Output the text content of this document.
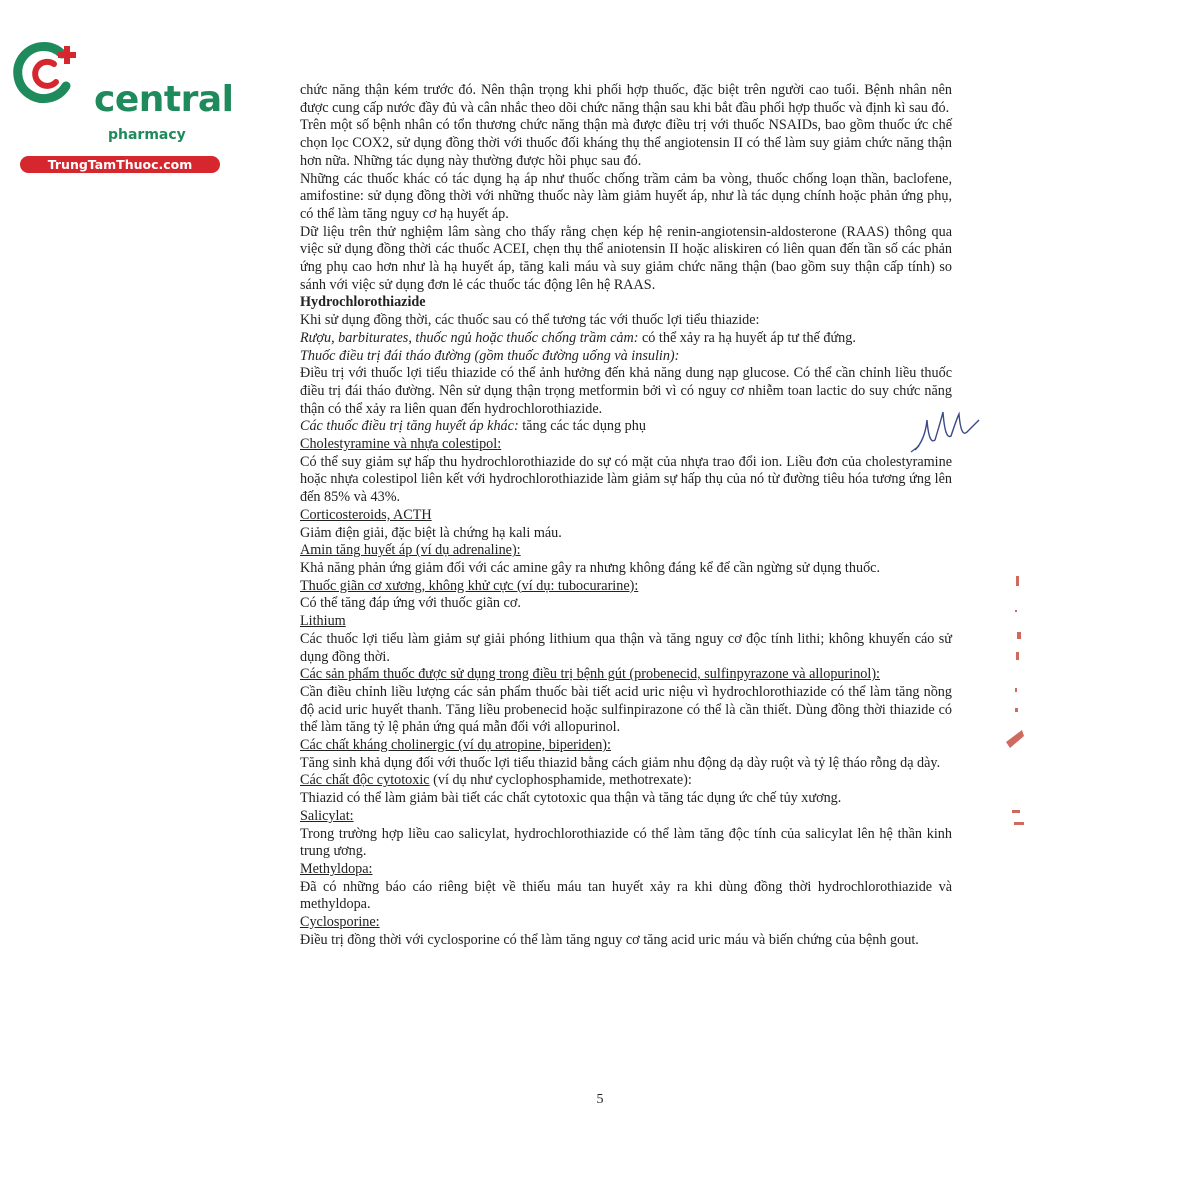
central
pharmacy
TrungTamThuoc.com

chức năng thận kém trước đó. Nên thận trọng khi phối hợp thuốc, đặc biệt trên người cao tuổi. Bệnh nhân nên được cung cấp nước đầy đủ và cân nhắc theo dõi chức năng thận sau khi bắt đầu phối hợp thuốc và định kì sau đó.

Trên một số bệnh nhân có tổn thương chức năng thận mà được điều trị với thuốc NSAIDs, bao gồm thuốc ức chế chọn lọc COX2, sử dụng đồng thời với thuốc đối kháng thụ thể angiotensin II có thể làm suy giảm chức năng thận hơn nữa. Những tác dụng này thường được hồi phục sau đó.

Những các thuốc khác có tác dụng hạ áp như thuốc chống trầm cảm ba vòng, thuốc chống loạn thần, baclofene, amifostine: sử dụng đồng thời với những thuốc này làm giảm huyết áp, như là tác dụng chính hoặc phản ứng phụ, có thể làm tăng nguy cơ hạ huyết áp.

Dữ liệu trên thử nghiệm lâm sàng cho thấy rằng chẹn kép hệ renin-angiotensin-aldosterone (RAAS) thông qua việc sử dụng đồng thời các thuốc ACEI, chẹn thụ thể aniotensin II hoặc aliskiren có liên quan đến tần số các phản ứng phụ cao hơn như là hạ huyết áp, tăng kali máu và suy giảm chức năng thận (bao gồm suy thận cấp tính) so sánh với việc sử dụng đơn lẻ các thuốc tác động lên hệ RAAS.

Hydrochlorothiazide

Khi sử dụng đồng thời, các thuốc sau có thể tương tác với thuốc lợi tiểu thiazide:

Rượu, barbiturates, thuốc ngủ hoặc thuốc chống trầm cảm: có thể xảy ra hạ huyết áp tư thế đứng.

Thuốc điều trị đái tháo đường (gồm thuốc đường uống và insulin):

Điều trị với thuốc lợi tiểu thiazide có thể ảnh hưởng đến khả năng dung nạp glucose. Có thể cần chỉnh liều thuốc điều trị đái tháo đường. Nên sử dụng thận trọng metformin bởi vì có nguy cơ nhiễm toan lactic do suy chức năng thận có thể xảy ra liên quan đến hydrochlorothiazide.

Các thuốc điều trị tăng huyết áp khác: tăng các tác dụng phụ

Cholestyramine và nhựa colestipol:

Có thể suy giảm sự hấp thu hydrochlorothiazide do sự có mặt của nhựa trao đổi ion. Liều đơn của cholestyramine hoặc nhựa colestipol liên kết với hydrochlorothiazide làm giảm sự hấp thụ của nó từ đường tiêu hóa tương ứng lên đến 85% và 43%.

Corticosteroids, ACTH

Giảm điện giải, đặc biệt là chứng hạ kali máu.

Amin tăng huyết áp (ví dụ adrenaline):

Khả năng phản ứng giảm đối với các amine gây ra nhưng không đáng kể để cần ngừng sử dụng thuốc.

Thuốc giãn cơ xương, không khử cực (ví dụ: tubocurarine):

Có thể tăng đáp ứng với thuốc giãn cơ.

Lithium

Các thuốc lợi tiểu làm giảm sự giải phóng lithium qua thận và tăng nguy cơ độc tính lithi; không khuyến cáo sử dụng đồng thời.

Các sản phẩm thuốc được sử dụng trong điều trị bệnh gút (probenecid, sulfinpyrazone và allopurinol):

Cần điều chỉnh liều lượng các sản phẩm thuốc bài tiết acid uric niệu vì hydrochlorothiazide có thể làm tăng nồng độ acid uric huyết thanh. Tăng liều probenecid hoặc sulfinpirazone có thể là cần thiết. Dùng đồng thời thiazide có thể làm tăng tỷ lệ phản ứng quá mẫn đối với allopurinol.

Các chất kháng cholinergic (ví dụ atropine, biperiden):

Tăng sinh khả dụng đối với thuốc lợi tiểu thiazid bằng cách giảm nhu động dạ dày ruột và tỷ lệ tháo rỗng dạ dày.

Các chất độc cytotoxic (ví dụ như cyclophosphamide, methotrexate):

Thiazid có thể làm giảm bài tiết các chất cytotoxic qua thận và tăng tác dụng ức chế tủy xương.

Salicylat:

Trong trường hợp liều cao salicylat, hydrochlorothiazide có thể làm tăng độc tính của salicylat lên hệ thần kinh trung ương.

Methyldopa:

Đã có những báo cáo riêng biệt về thiếu máu tan huyết xảy ra khi dùng đồng thời hydrochlorothiazide và methyldopa.

Cyclosporine:

Điều trị đồng thời với cyclosporine có thể làm tăng nguy cơ tăng acid uric máu và biến chứng của bệnh gout.

5
